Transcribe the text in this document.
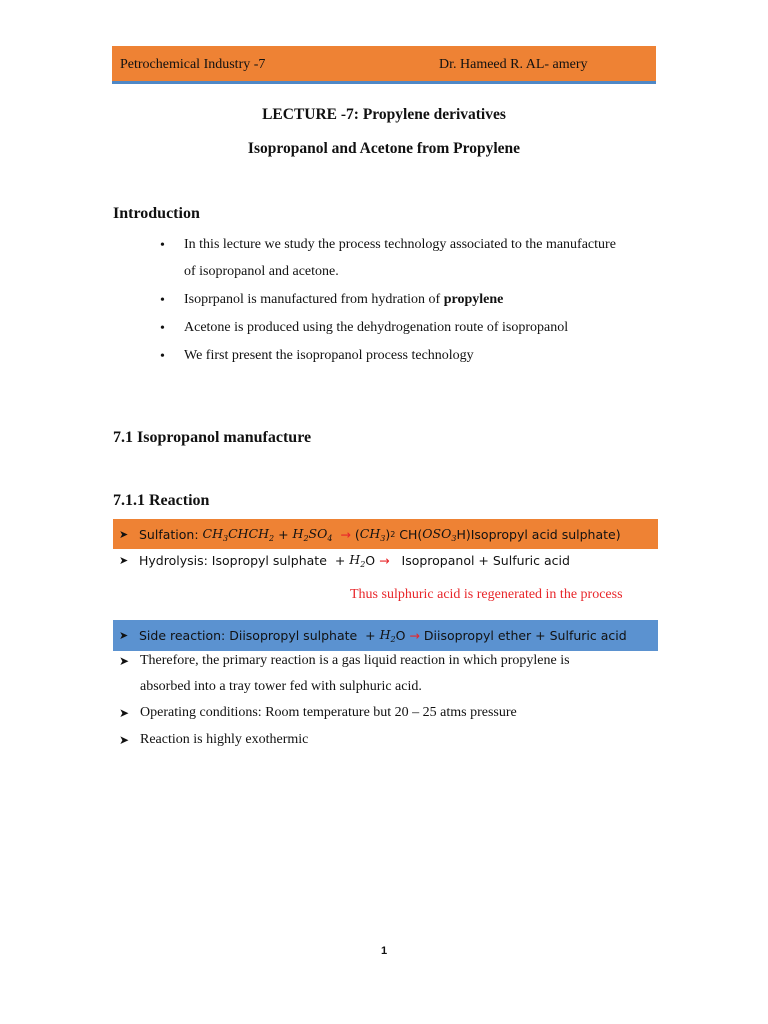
Petrochemical Industry -7	Dr. Hameed R. AL- amery
LECTURE -7: Propylene derivatives
Isopropanol and Acetone from Propylene
Introduction
• In this lecture we study the process technology associated to the manufacture
of isopropanol and acetone.
• Isoprpanol is manufactured from hydration of propylene
• Acetone is produced using the dehydrogenation route of isopropanol
• We first present the isopropanol process technology
7.1 Isopropanol manufacture
7.1.1 Reaction
➤ Sulfation:
$CH_3CHCH_2 + H_2SO_4$
→ ( $CH_3$ ) 2 CH( $OSO_3$ H) Isopropyl acid sulphate)
➤ Hydrolysis: Isopropyl sulphate + $H_2$ O →
Isopropanol + Sulfuric acid
Thus sulphuric acid is regenerated in the process
➤ Side reaction: Diisopropyl sulphate + $H_2$ O →
Diisopropyl ether + Sulfuric acid
➤ Therefore, the primary reaction is a gas liquid reaction in which propylene is
absorbed into a tray tower fed with sulphuric acid.
➤ Operating conditions: Room temperature but 20 – 25 atms pressure
➤ Reaction is highly exothermic
1
